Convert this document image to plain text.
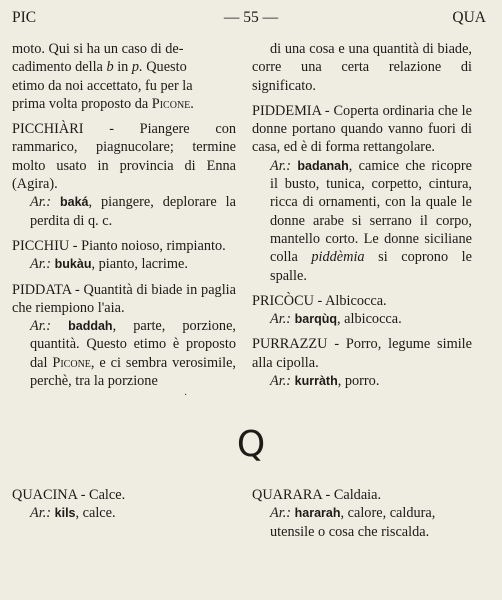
PIC	— 55 —	QUA
moto. Qui si ha un caso di de-
cadimento della b in p. Questo
etimo da noi accettato, fu per la
prima volta proposto da Picone.
PICCHIÀRI - Piangere con rammarico, piagnucolare; termine molto usato in provincia di Enna (Agira).
Ar.: baká, piangere, deplorare la perdita di q. c.
PICCHIU - Pianto noioso, rimpianto.
Ar.: bukàu, pianto, lacrime.
PIDDATA - Quantità di biade in paglia che riempiono l'aia.
Ar.: baddah, parte, porzione, quantità. Questo etimo è proposto dal Picone, e ci sembra verosimile, perchè, tra la porzione
di una cosa e una quantità di biade, corre una certa relazione di significato.
PIDDEMIA - Coperta ordinaria che le donne portano quando vanno fuori di casa, ed è di forma rettangolare.
Ar.: badanah, camice che ricopre il busto, tunica, corpetto, cintura, ricca di ornamenti, con la quale le donne arabe si serrano il corpo, mantello corto. Le donne siciliane colla piddèmia si coprono le spalle.
PRICÒCU - Albicocca.
Ar.: barqùq, albicocca.
PURRAZZU - Porro, legume simile alla cipolla.
Ar.: kurràth, porro.
·
Q
QUACINA - Calce.
Ar.: kils, calce.
QUARARA - Caldaia.
Ar.: hararah, calore, caldura, utensile o cosa che riscalda.
